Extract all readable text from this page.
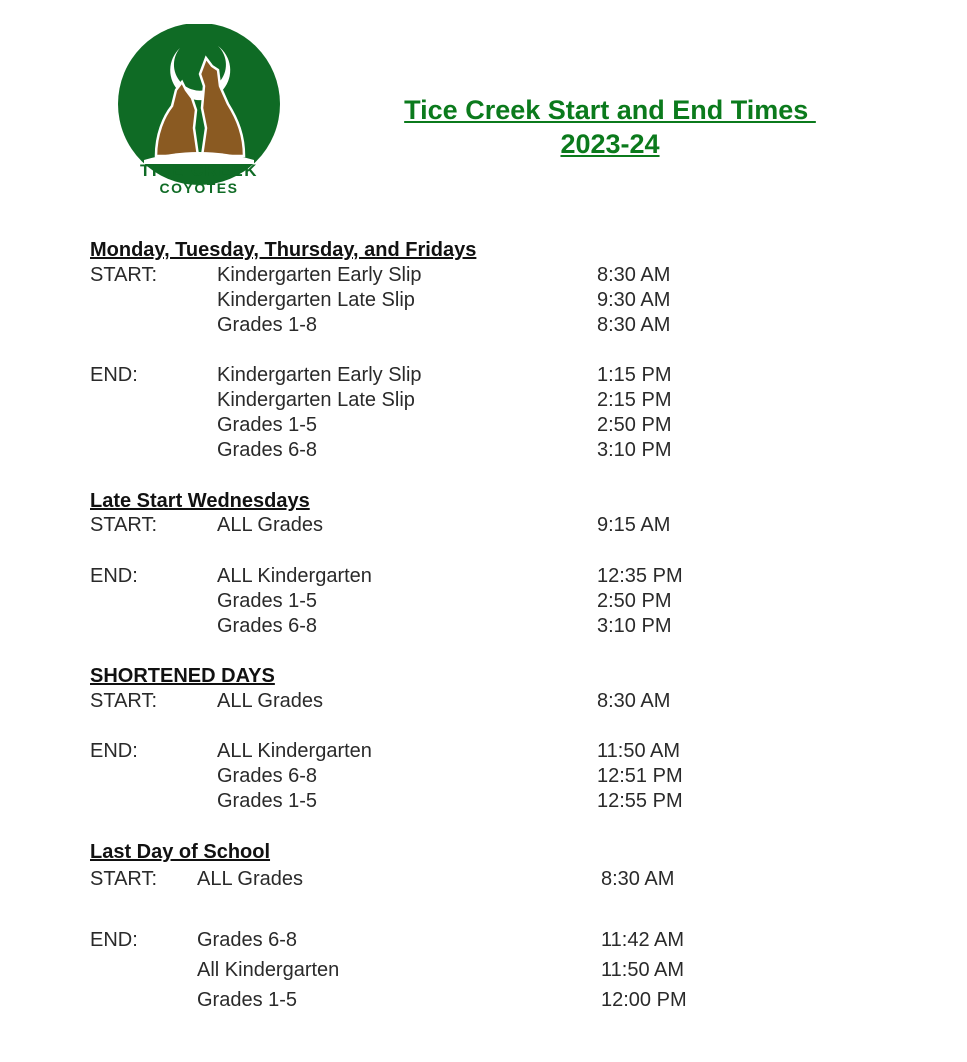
TICE CREEK
COYOTES
Tice Creek Start and End Times
2023-24
Monday, Tuesday, Thursday, and Fridays
START:	Kindergarten Early Slip	8:30 AM
Kindergarten Late Slip	9:30 AM
Grades 1-8	8:30 AM
END:	Kindergarten Early Slip	1:15 PM
Kindergarten Late Slip	2:15 PM
Grades 1-5	2:50 PM
Grades 6-8	3:10 PM
Late Start Wednesdays
START:	ALL Grades	9:15 AM
END:	ALL Kindergarten	12:35 PM
Grades 1-5	2:50 PM
Grades 6-8	3:10 PM
SHORTENED DAYS
START:	ALL Grades	8:30 AM
END:	ALL Kindergarten	11:50 AM
Grades 6-8	12:51 PM
Grades 1-5	12:55 PM
Last Day of School
START: ALL Grades	8:30 AM
END:	Grades 6-8	11:42 AM
All Kindergarten	11:50 AM
Grades 1-5	12:00 PM
